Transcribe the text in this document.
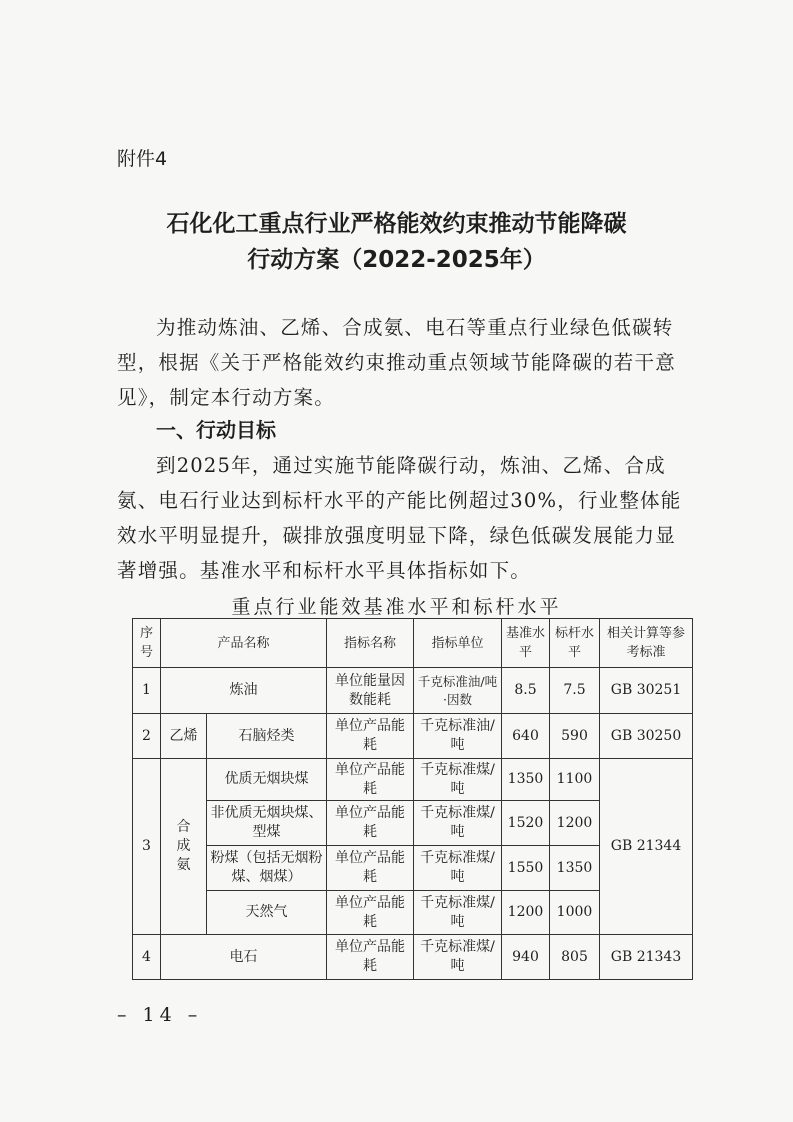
附件4
石化化工重点行业严格能效约束推动节能降碳
行动方案（2022-2025年）
为推动炼油、乙烯、合成氨、电石等重点行业绿色低碳转型，根据《关于严格能效约束推动重点领域节能降碳的若干意见》，制定本行动方案。
一、行动目标
到2025年，通过实施节能降碳行动，炼油、乙烯、合成氨、电石行业达到标杆水平的产能比例超过30%，行业整体能效水平明显提升，碳排放强度明显下降，绿色低碳发展能力显著增强。基准水平和标杆水平具体指标如下。
重点行业能效基准水平和标杆水平
序号	产品名称		指标名称	指标单位	基准水平	标杆水平	相关计算等参考标准
1	炼油		单位能量因数能耗	千克标准油/吨·因数	8.5	7.5	GB 30251
2	乙烯	石脑烃类	单位产品能耗	千克标准油/吨	640	590	GB 30250
3	合成氨	优质无烟块煤	单位产品能耗	千克标准煤/吨	1350	1100	GB 21344
		非优质无烟块煤、型煤	单位产品能耗	千克标准煤/吨	1520	1200	
		粉煤（包括无烟粉煤、烟煤）	单位产品能耗	千克标准煤/吨	1550	1350	
		天然气	单位产品能耗	千克标准煤/吨	1200	1000	
4	电石		单位产品能耗	千克标准煤/吨	940	805	GB 21343
– 14 –
